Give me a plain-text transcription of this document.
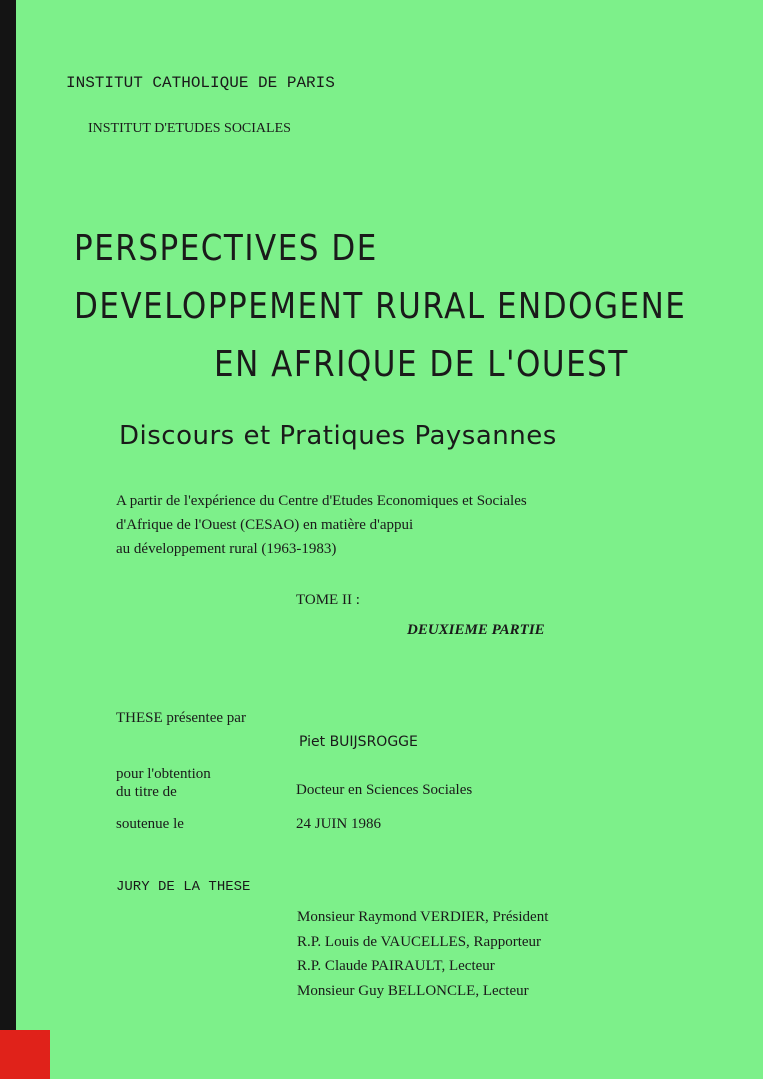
INSTITUT CATHOLIQUE DE PARIS
INSTITUT D'ETUDES SOCIALES
PERSPECTIVES DE
DEVELOPPEMENT RURAL ENDOGENE
EN AFRIQUE DE L'OUEST
Discours et Pratiques Paysannes
A partir de l'expérience du Centre d'Etudes Economiques et Sociales
d'Afrique de l'Ouest (CESAO) en matière d'appui
au développement rural (1963-1983)
TOME II :
DEUXIEME PARTIE
THESE présentee par
Piet BUIJSROGGE
pour l'obtention
du titre de	Docteur en Sciences Sociales
soutenue le	24 JUIN 1986
JURY DE LA THESE
Monsieur Raymond VERDIER, Président
R.P. Louis de VAUCELLES, Rapporteur
R.P. Claude PAIRAULT, Lecteur
Monsieur Guy BELLONCLE, Lecteur
